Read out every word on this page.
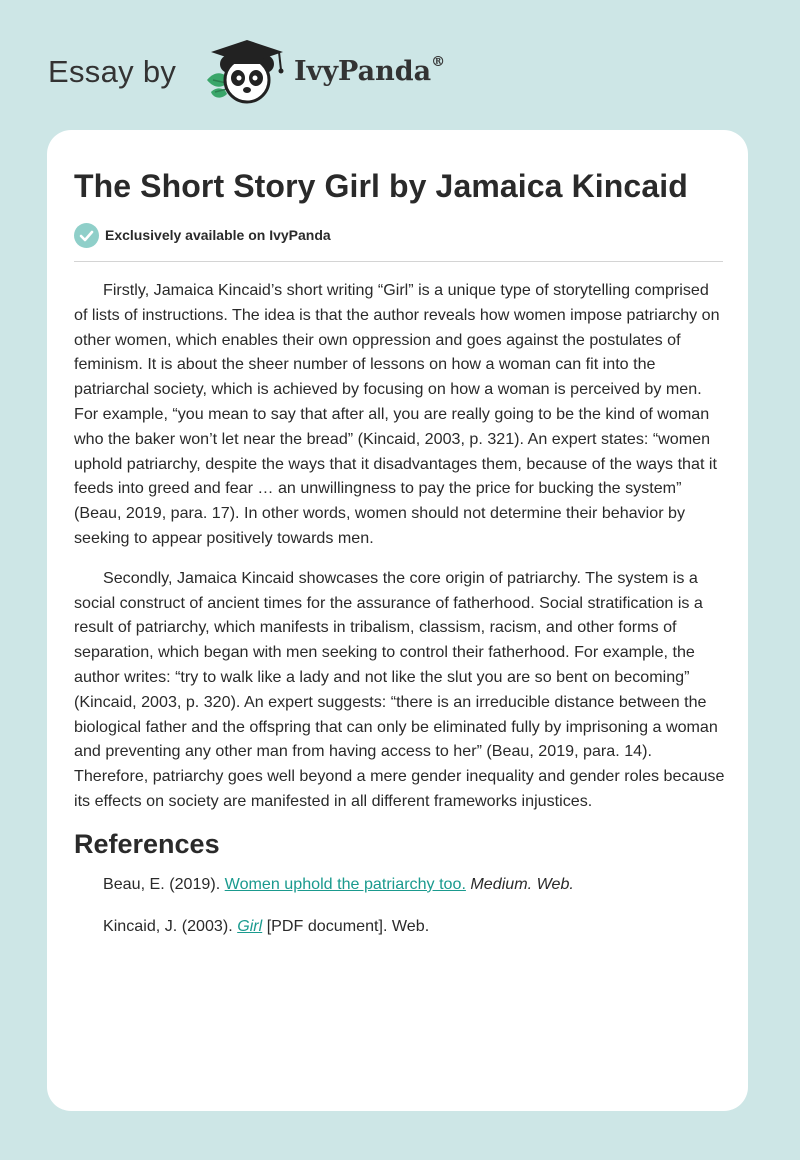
Essay by	IvyPanda®
The Short Story Girl by Jamaica Kincaid
Exclusively available on IvyPanda

Firstly, Jamaica Kincaid’s short writing “Girl” is a unique type of storytelling comprised of lists of instructions. The idea is that the author reveals how women impose patriarchy on other women, which enables their own oppression and goes against the postulates of feminism. It is about the sheer number of lessons on how a woman can fit into the patriarchal society, which is achieved by focusing on how a woman is perceived by men. For example, “you mean to say that after all, you are really going to be the kind of woman who the baker won’t let near the bread” (Kincaid, 2003, p. 321). An expert states: “women uphold patriarchy, despite the ways that it disadvantages them, because of the ways that it feeds into greed and fear … an unwillingness to pay the price for bucking the system” (Beau, 2019, para. 17). In other words, women should not determine their behavior by seeking to appear positively towards men.

Secondly, Jamaica Kincaid showcases the core origin of patriarchy. The system is a social construct of ancient times for the assurance of fatherhood. Social stratification is a result of patriarchy, which manifests in tribalism, classism, racism, and other forms of separation, which began with men seeking to control their fatherhood. For example, the author writes: “try to walk like a lady and not like the slut you are so bent on becoming” (Kincaid, 2003, p. 320). An expert suggests: “there is an irreducible distance between the biological father and the offspring that can only be eliminated fully by imprisoning a woman and preventing any other man from having access to her” (Beau, 2019, para. 14). Therefore, patriarchy goes well beyond a mere gender inequality and gender roles because its effects on society are manifested in all different frameworks injustices.

References

Beau, E. (2019). Women uphold the patriarchy too. Medium. Web.

Kincaid, J. (2003). Girl [PDF document]. Web.
